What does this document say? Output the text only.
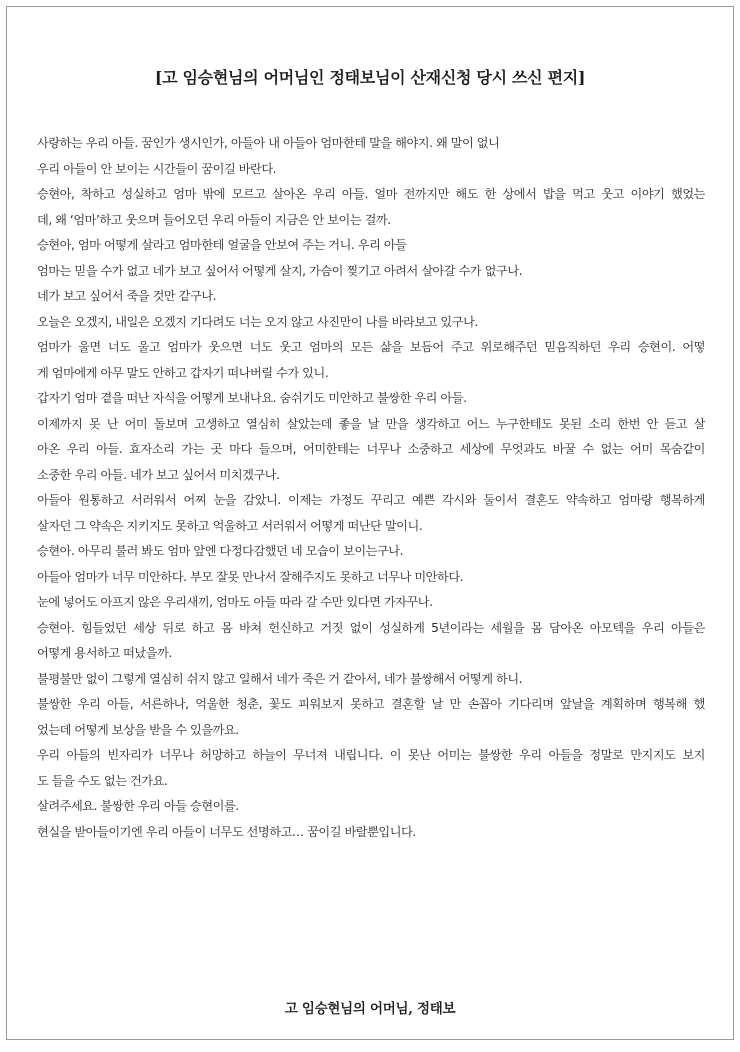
[고 임승현님의 어머님인 정태보님이 산재신청 당시 쓰신 편지]
사랑하는 우리 아들. 꿈인가 생시인가, 아들아 내 아들아 엄마한테 말을 해야지. 왜 말이 없니
우리 아들이 안 보이는 시간들이 꿈이길 바란다.
승현아, 착하고 성실하고 엄마 밖에 모르고 살아온 우리 아들. 얼마 전까지만 해도 한 상에서 밥을 먹고 웃고 이야기 했었는
데, 왜 ‘엄마’하고 웃으며 들어오던 우리 아들이 지금은 안 보이는 걸까.
승현아, 엄마 어떻게 살라고 엄마한테 얼굴을 안보여 주는 거니. 우리 아들
엄마는 믿을 수가 없고 네가 보고 싶어서 어떻게 살지, 가슴이 찢기고 아려서 살아갈 수가 없구나.
네가 보고 싶어서 죽을 것만 같구나.
오늘은 오겠지, 내일은 오겠지 기다려도 너는 오지 않고 사진만이 나를 바라보고 있구나.
엄마가 울면 너도 울고 엄마가 웃으면 너도 웃고 엄마의 모든 삶을 보듬어 주고 위로해주던 믿음직하던 우리 승현이. 어떻
게 엄마에게 아무 말도 안하고 갑자기 떠나버릴 수가 있니.
갑자기 엄마 곁을 떠난 자식을 어떻게 보내나요. 숨쉬기도 미안하고 불쌍한 우리 아들.
이제까지 못 난 어미 돌보며 고생하고 열심히 살았는데 좋을 날 만을 생각하고 어느 누구한테도 못된 소리 한번 안 듣고 살
아온 우리 아들. 효자소리 가는 곳 마다 들으며, 어미한테는 너무나 소중하고 세상에 무엇과도 바꿀 수 없는 어미 목숨같이
소중한 우리 아들. 네가 보고 싶어서 미치겠구나.
아들아 원통하고 서러워서 어찌 눈을 감았니. 이제는 가정도 꾸리고 예쁜 각시와 둘이서 결혼도 약속하고 엄마랑 행복하게
살자던 그 약속은 지키지도 못하고 억울하고 서러워서 어떻게 떠난단 말이니.
승현아. 아무리 불러 봐도 엄마 앞엔 다정다감했던 네 모습이 보이는구나.
아들아 엄마가 너무 미안하다. 부모 잘못 만나서 잘해주지도 못하고 너무나 미안하다.
눈에 넣어도 아프지 않은 우리새끼, 엄마도 아들 따라 갈 수만 있다면 가자꾸나.
승현아. 힘들었던 세상 뒤로 하고 몸 바쳐 헌신하고 거짓 없이 성실하게 5년이라는 세월을 몸 담아온 아모텍을 우리 아들은
어떻게 용서하고 떠났을까.
불평불만 없이 그렇게 열심히 쉬지 않고 일해서 네가 죽은 거 같아서, 네가 불쌍해서 어떻게 하니.
불쌍한 우리 아들, 서른하나, 억울한 청춘, 꽃도 피워보지 못하고 결혼할 날 만 손꼽아 기다리며 앞날을 계획하며 행복해 했
었는데 어떻게 보상을 받을 수 있을까요.
우리 아들의 빈자리가 너무나 허망하고 하늘이 무너져 내립니다. 이 못난 어미는 불쌍한 우리 아들을 정말로 만지지도 보지
도 들을 수도 없는 건가요.
살려주세요. 불쌍한 우리 아들 승현이를.
현실을 받아들이기엔 우리 아들이 너무도 선명하고… 꿈이길 바랄뿐입니다.
고 임승현님의 어머님, 정태보
